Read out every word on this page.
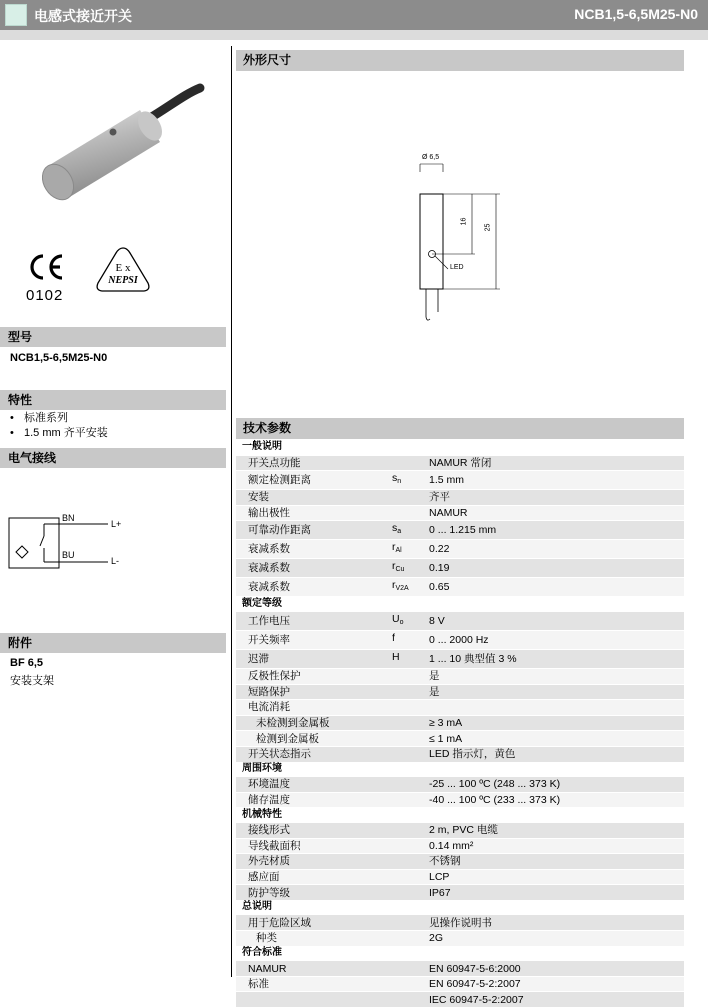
电感式接近开关	NCB1,5-6,5M25-N0
0102
E x
NEPSI
型号
NCB1,5-6,5M25-N0
特性
• 标准系列
• 1.5 mm 齐平安装
电气接线
BN
BU
L+
L-
附件
BF 6,5
安装支架
外形尺寸
Ø 6,5
16
25
LED
技术参数
一般说明		
开关点功能		NAMUR 常闭
额定检测距离	$s_n$	1.5 mm
安装		齐平
输出极性		NAMUR
可靠动作距离	$s_a$	0 ... 1.215 mm
衰减系数	$r_{Al}$	0.22
衰减系数	$r_{Cu}$	0.19
衰减系数	$r_{V2A}$	0.65
额定等级		
工作电压	$U_o$	8 V
开关频率	f	0 ... 2000 Hz
迟滞	H	1 ... 10 典型值 3 %
反极性保护		是
短路保护		是
电流消耗		
未检测到金属板		≥ 3 mA
检测到金属板		≤ 1 mA
开关状态指示		LED 指示灯，黄色
周围环境		
环境温度		-25 ... 100 ºC (248 ... 373 K)
储存温度		-40 ... 100 ºC (233 ... 373 K)
机械特性		
接线形式		2 m, PVC 电缆
导线截面积		0.14 mm²
外壳材质		不锈钢
感应面		LCP
防护等级		IP67
总说明		
用于危险区域		见操作说明书
种类		2G
符合标准		
NAMUR		EN 60947-5-6:2000
标准		EN 60947-5-2:2007
		IEC 60947-5-2:2007
